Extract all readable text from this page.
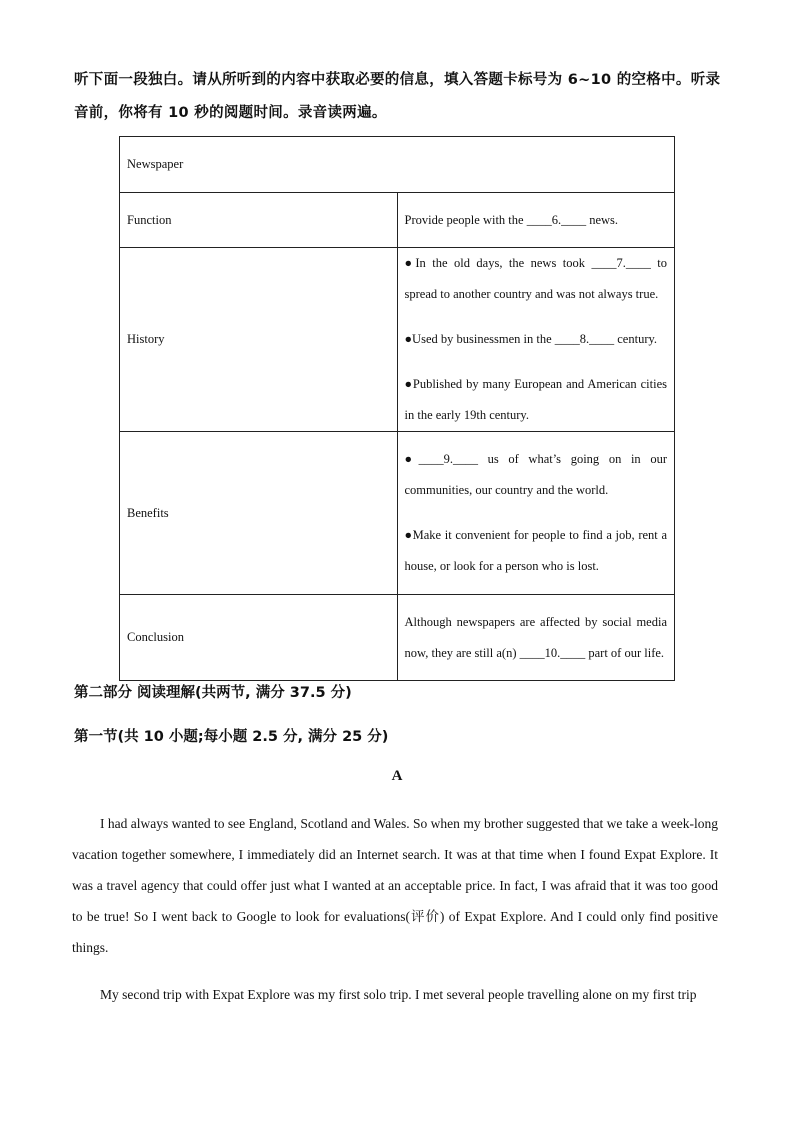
听下面一段独白。请从所听到的内容中获取必要的信息，填入答题卡标号为 6~10 的空格中。听录音前，你将有 10 秒的阅题时间。录音读两遍。

Newspaper	
Function	Provide people with the ____6.____ news.

History	●In the old days, the news took ____7.____ to spread to another country and was not always true.
●Used by businessmen in the ____8.____ century.
●Published by many European and American cities in the early 19th century.

Benefits	●____9.____ us of what’s going on in our communities, our country and the world.
●Make it convenient for people to find a job, rent a house, or look for a person who is lost.

Conclusion	Although newspapers are affected by social media now, they are still a(n) ____10.____ part of our life.

第二部分 阅读理解(共两节, 满分 37.5 分)

第一节(共 10 小题;每小题 2.5 分, 满分 25 分)

A

I had always wanted to see England, Scotland and Wales. So when my brother suggested that we take a week-long vacation together somewhere, I immediately did an Internet search. It was at that time when I found Expat Explore. It was a travel agency that could offer just what I wanted at an acceptable price. In fact, I was afraid that it was too good to be true! So I went back to Google to look for evaluations(评价) of Expat Explore. And I could only find positive things.

My second trip with Expat Explore was my first solo trip. I met several people travelling alone on my first trip
